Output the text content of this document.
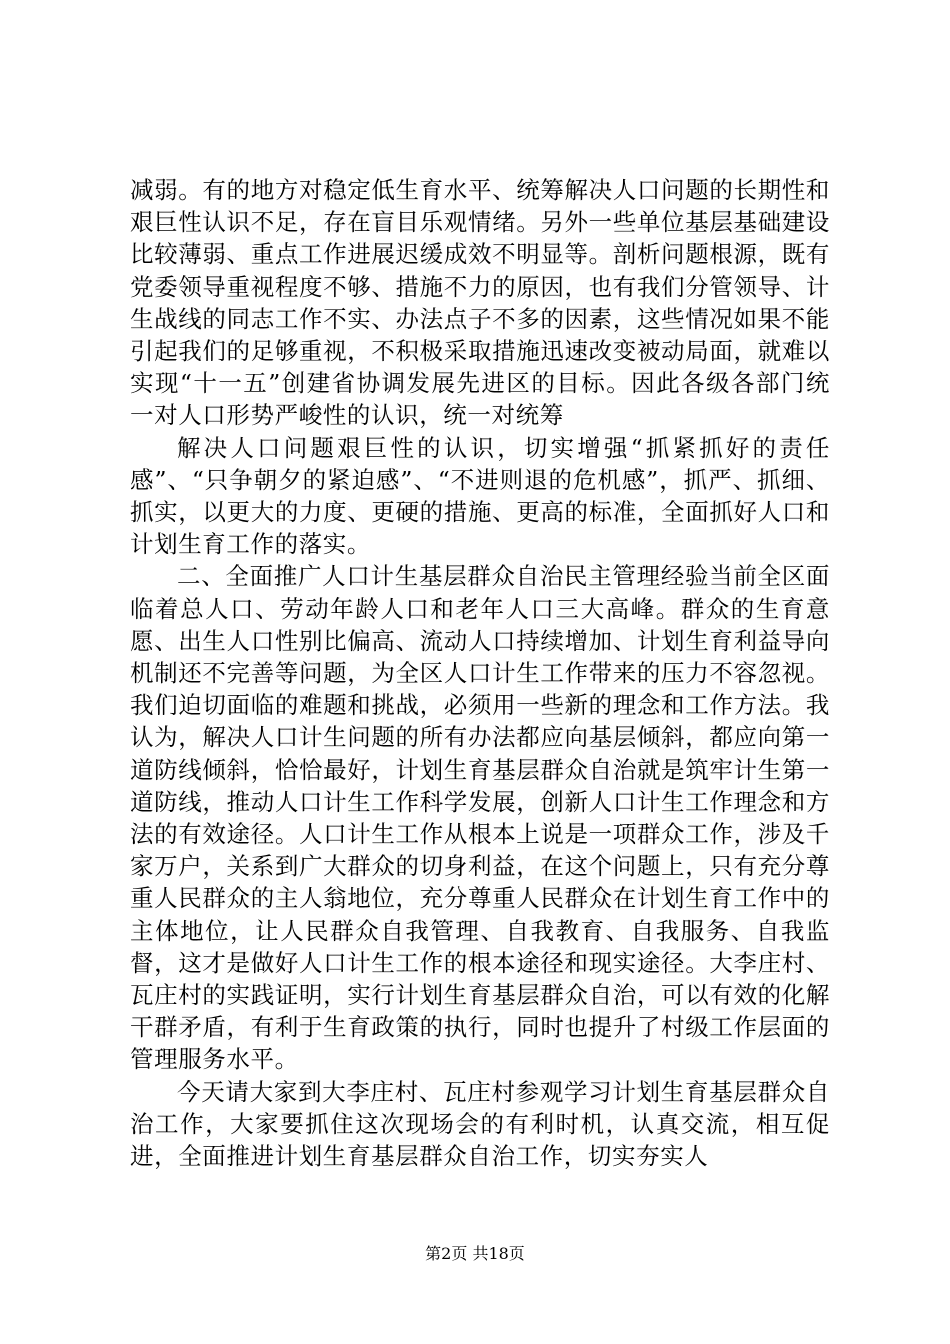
减弱。有的地方对稳定低生育水平、统筹解决人口问题的长期性和艰巨性认识不足，存在盲目乐观情绪。另外一些单位基层基础建设比较薄弱、重点工作进展迟缓成效不明显等。剖析问题根源，既有党委领导重视程度不够、措施不力的原因，也有我们分管领导、计生战线的同志工作不实、办法点子不多的因素，这些情况如果不能引起我们的足够重视，不积极采取措施迅速改变被动局面，就难以实现“十一五”创建省协调发展先进区的目标。因此各级各部门统一对人口形势严峻性的认识，统一对统筹

解决人口问题艰巨性的认识，切实增强“抓紧抓好的责任感”、“只争朝夕的紧迫感”、“不进则退的危机感”，抓严、抓细、抓实，以更大的力度、更硬的措施、更高的标准，全面抓好人口和计划生育工作的落实。

二、全面推广人口计生基层群众自治民主管理经验当前全区面临着总人口、劳动年龄人口和老年人口三大高峰。群众的生育意愿、出生人口性别比偏高、流动人口持续增加、计划生育利益导向机制还不完善等问题，为全区人口计生工作带来的压力不容忽视。我们迫切面临的难题和挑战，必须用一些新的理念和工作方法。我认为，解决人口计生问题的所有办法都应向基层倾斜，都应向第一道防线倾斜，恰恰最好，计划生育基层群众自治就是筑牢计生第一道防线，推动人口计生工作科学发展，创新人口计生工作理念和方法的有效途径。人口计生工作从根本上说是一项群众工作，涉及千家万户，关系到广大群众的切身利益，在这个问题上，只有充分尊重人民群众的主人翁地位，充分尊重人民群众在计划生育工作中的主体地位，让人民群众自我管理、自我教育、自我服务、自我监督，这才是做好人口计生工作的根本途径和现实途径。大李庄村、瓦庄村的实践证明，实行计划生育基层群众自治，可以有效的化解干群矛盾，有利于生育政策的执行，同时也提升了村级工作层面的管理服务水平。

今天请大家到大李庄村、瓦庄村参观学习计划生育基层群众自治工作，大家要抓住这次现场会的有利时机，认真交流，相互促进，全面推进计划生育基层群众自治工作，切实夯实人

第2页 共18页
